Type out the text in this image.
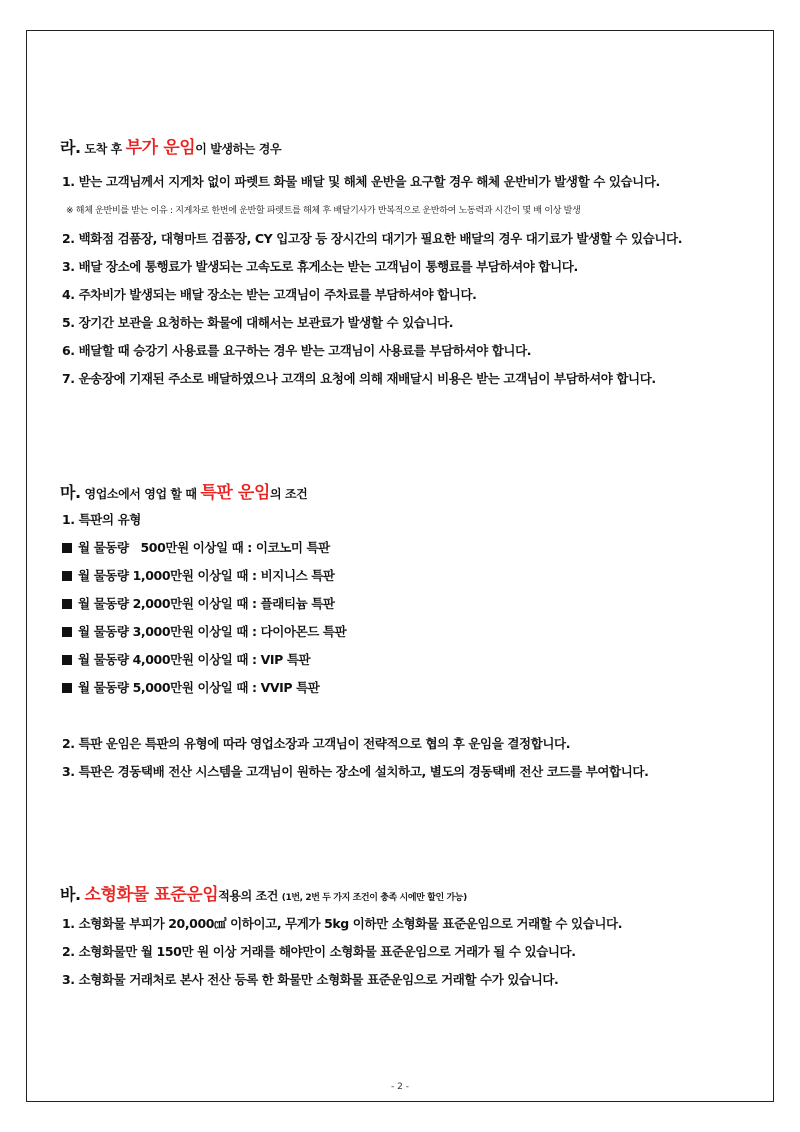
라. 도착 후 부가 운임이 발생하는 경우
1. 받는 고객님께서 지게차 없이 파렛트 화물 배달 및 해체 운반을 요구할 경우 해체 운반비가 발생할 수 있습니다.
※ 해체 운반비를 받는 이유 : 지게차로 한번에 운반할 파렛트를 해체 후 배달기사가 반복적으로 운반하여 노동력과 시간이 몇 배 이상 발생
2. 백화점 검품장, 대형마트 검품장, CY 입고장 등 장시간의 대기가 필요한 배달의 경우 대기료가 발생할 수 있습니다.
3. 배달 장소에 통행료가 발생되는 고속도로 휴게소는 받는 고객님이 통행료를 부담하셔야 합니다.
4. 주차비가 발생되는 배달 장소는 받는 고객님이 주차료를 부담하셔야 합니다.
5. 장기간 보관을 요청하는 화물에 대해서는 보관료가 발생할 수 있습니다.
6. 배달할 때 승강기 사용료를 요구하는 경우 받는 고객님이 사용료를 부담하셔야 합니다.
7. 운송장에 기재된 주소로 배달하였으나 고객의 요청에 의해 재배달시 비용은 받는 고객님이 부담하셔야 합니다.
마. 영업소에서 영업 할 때 특판 운임의 조건
1. 특판의 유형
월 물동량   500만원 이상일 때 : 이코노미 특판
월 물동량 1,000만원 이상일 때 : 비지니스 특판
월 물동량 2,000만원 이상일 때 : 플래티늄 특판
월 물동량 3,000만원 이상일 때 : 다이아몬드 특판
월 물동량 4,000만원 이상일 때 : VIP 특판
월 물동량 5,000만원 이상일 때 : VVIP 특판
2. 특판 운임은 특판의 유형에 따라 영업소장과 고객님이 전략적으로 협의 후 운임을 결정합니다.
3. 특판은 경동택배 전산 시스템을 고객님이 원하는 장소에 설치하고, 별도의 경동택배 전산 코드를 부여합니다.
바. 소형화물 표준운임적용의 조건 (1번, 2번 두 가지 조건이 충족 시에만 할인 가능)
1. 소형화물 부피가 20,000㎤ 이하이고, 무게가 5kg 이하만 소형화물 표준운임으로 거래할 수 있습니다.
2. 소형화물만 월 150만 원 이상 거래를 해야만이 소형화물 표준운임으로 거래가 될 수 있습니다.
3. 소형화물 거래처로 본사 전산 등록 한 화물만 소형화물 표준운임으로 거래할 수가 있습니다.
- 2 -
